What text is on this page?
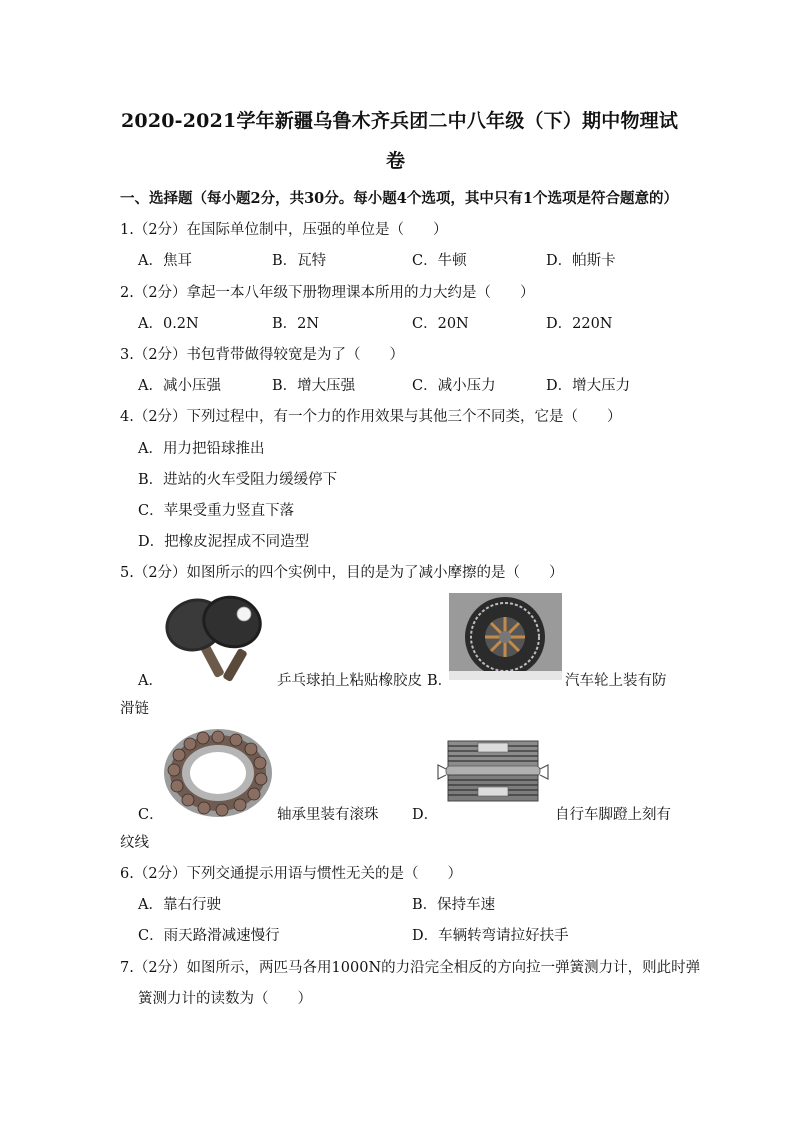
2020-2021学年新疆乌鲁木齐兵团二中八年级（下）期中物理试
卷
一、选择题（每小题2分，共30分。每小题4个选项，其中只有1个选项是符合题意的）
1.（2分）在国际单位制中，压强的单位是（　　）
A．焦耳	B．瓦特	C．牛顿	D．帕斯卡
2.（2分）拿起一本八年级下册物理课本所用的力大约是（　　）
A．0.2N	B．2N	C．20N	D．220N
3.（2分）书包背带做得较宽是为了（　　）
A．减小压强	B．增大压强	C．减小压力	D．增大压力
4.（2分）下列过程中，有一个力的作用效果与其他三个不同类，它是（　　）
A．用力把铅球推出
B．进站的火车受阻力缓缓停下
C．苹果受重力竖直下落
D．把橡皮泥捏成不同造型
5.（2分）如图所示的四个实例中，目的是为了减小摩擦的是（　　）
A．	乒乓球拍上粘贴橡胶皮 B．	汽车轮上装有防
滑链
C．	轴承里装有滚珠 D．	自行车脚蹬上刻有
纹线
6.（2分）下列交通提示用语与惯性无关的是（　　）
A．靠右行驶	B．保持车速
C．雨天路滑减速慢行	D．车辆转弯请拉好扶手
7.（2分）如图所示，两匹马各用1000N的力沿完全相反的方向拉一弹簧测力计，则此时弹
簧测力计的读数为（　　）
